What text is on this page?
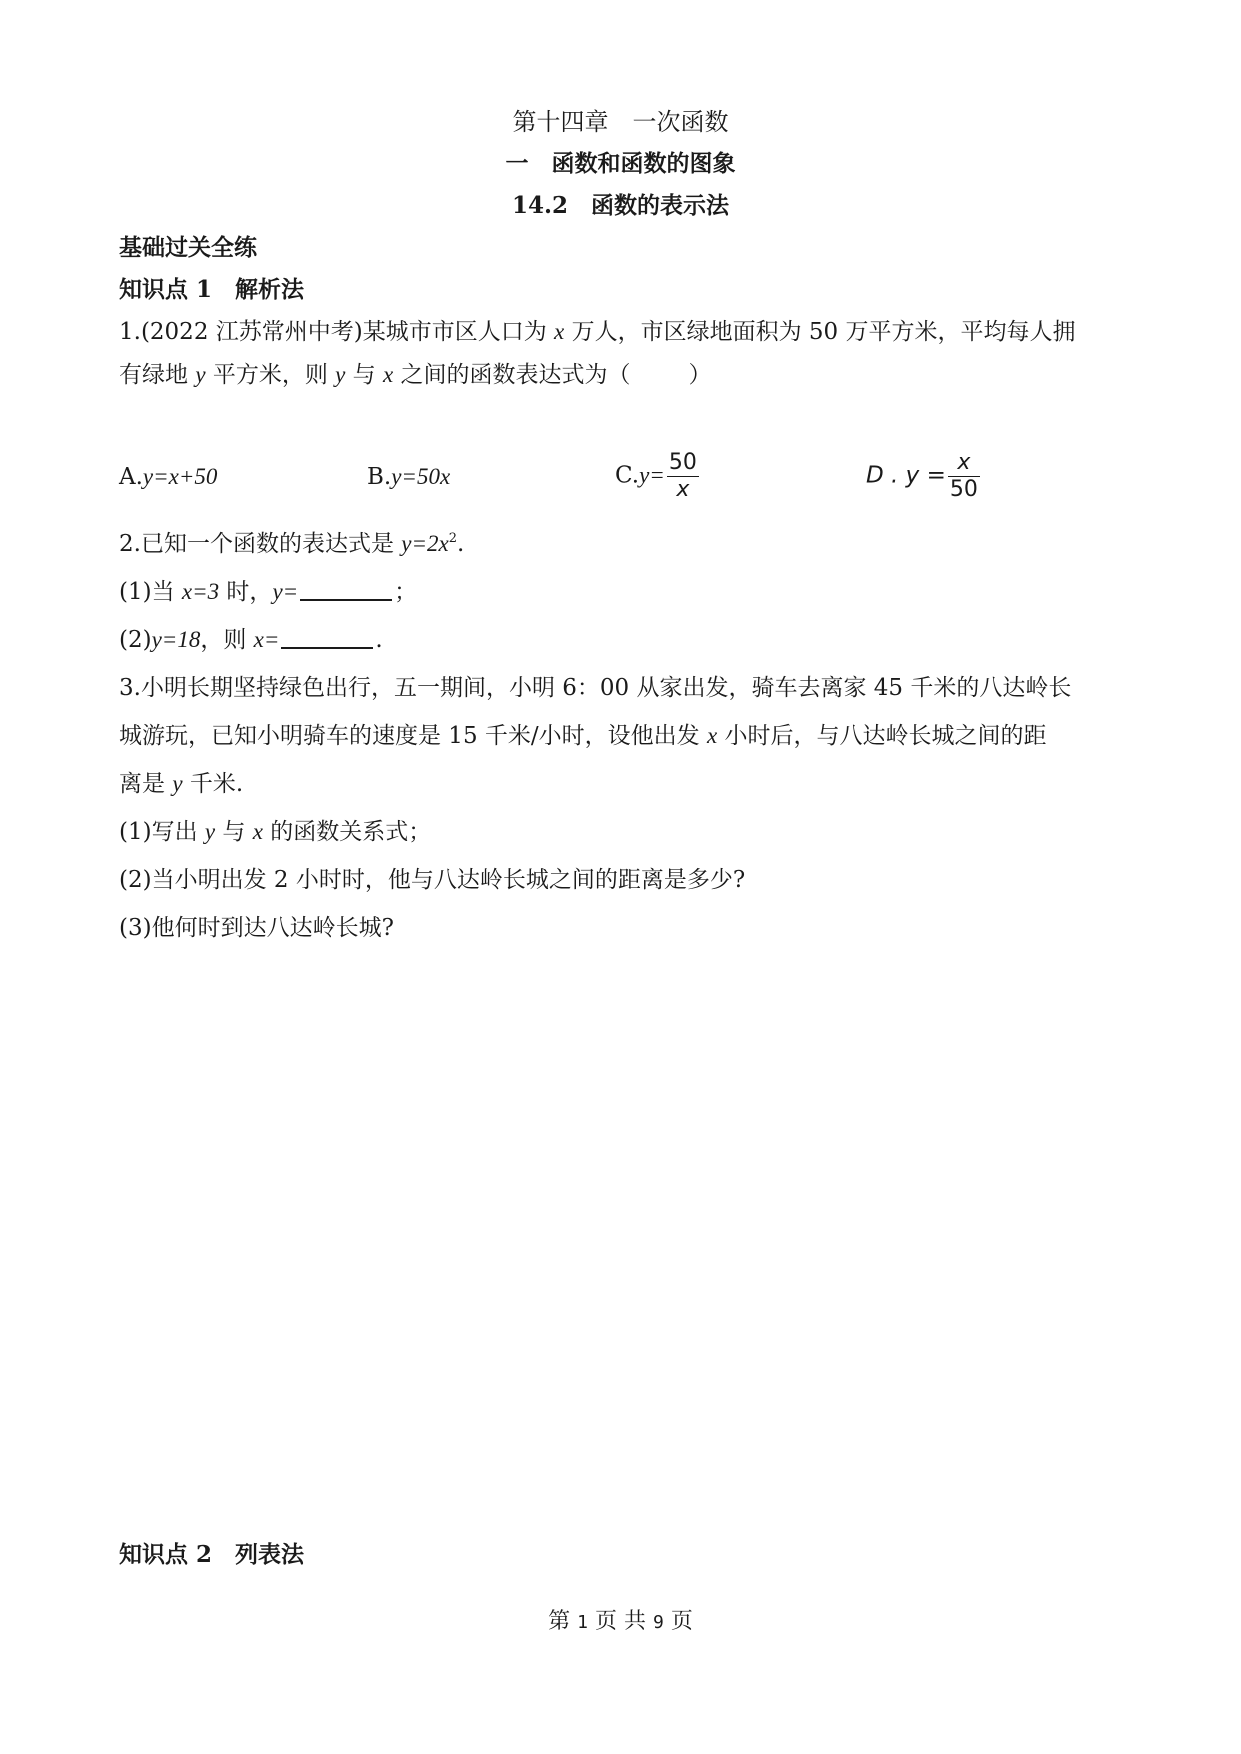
第十四章　一次函数
一　函数和函数的图象
14.2　函数的表示法
基础过关全练
知识点 1　解析法
1.(2022 江苏常州中考)某城市市区人口为 x 万人，市区绿地面积为 50 万平方米，平均每人拥
有绿地 y 平方米，则 y 与 x 之间的函数表达式为（	）
A.y=x+50	B.y=50x	$C.y= \frac{50}{x}$	D . $y = \frac{x}{50}$
2.已知一个函数的表达式是 $y=2x^2$.
(1)当 x=3 时，y=	；
(2)y=18，则 x=	.
3.小明长期坚持绿色出行，五一期间，小明 6：00 从家出发，骑车去离家 45 千米的八达岭长
城游玩，已知小明骑车的速度是 15 千米/小时，设他出发 x 小时后，与八达岭长城之间的距
离是 y 千米.
(1)写出 y 与 x 的函数关系式；
(2)当小明出发 2 小时时，他与八达岭长城之间的距离是多少?
(3)他何时到达八达岭长城?
知识点 2　列表法
第 1 页 共 9 页
